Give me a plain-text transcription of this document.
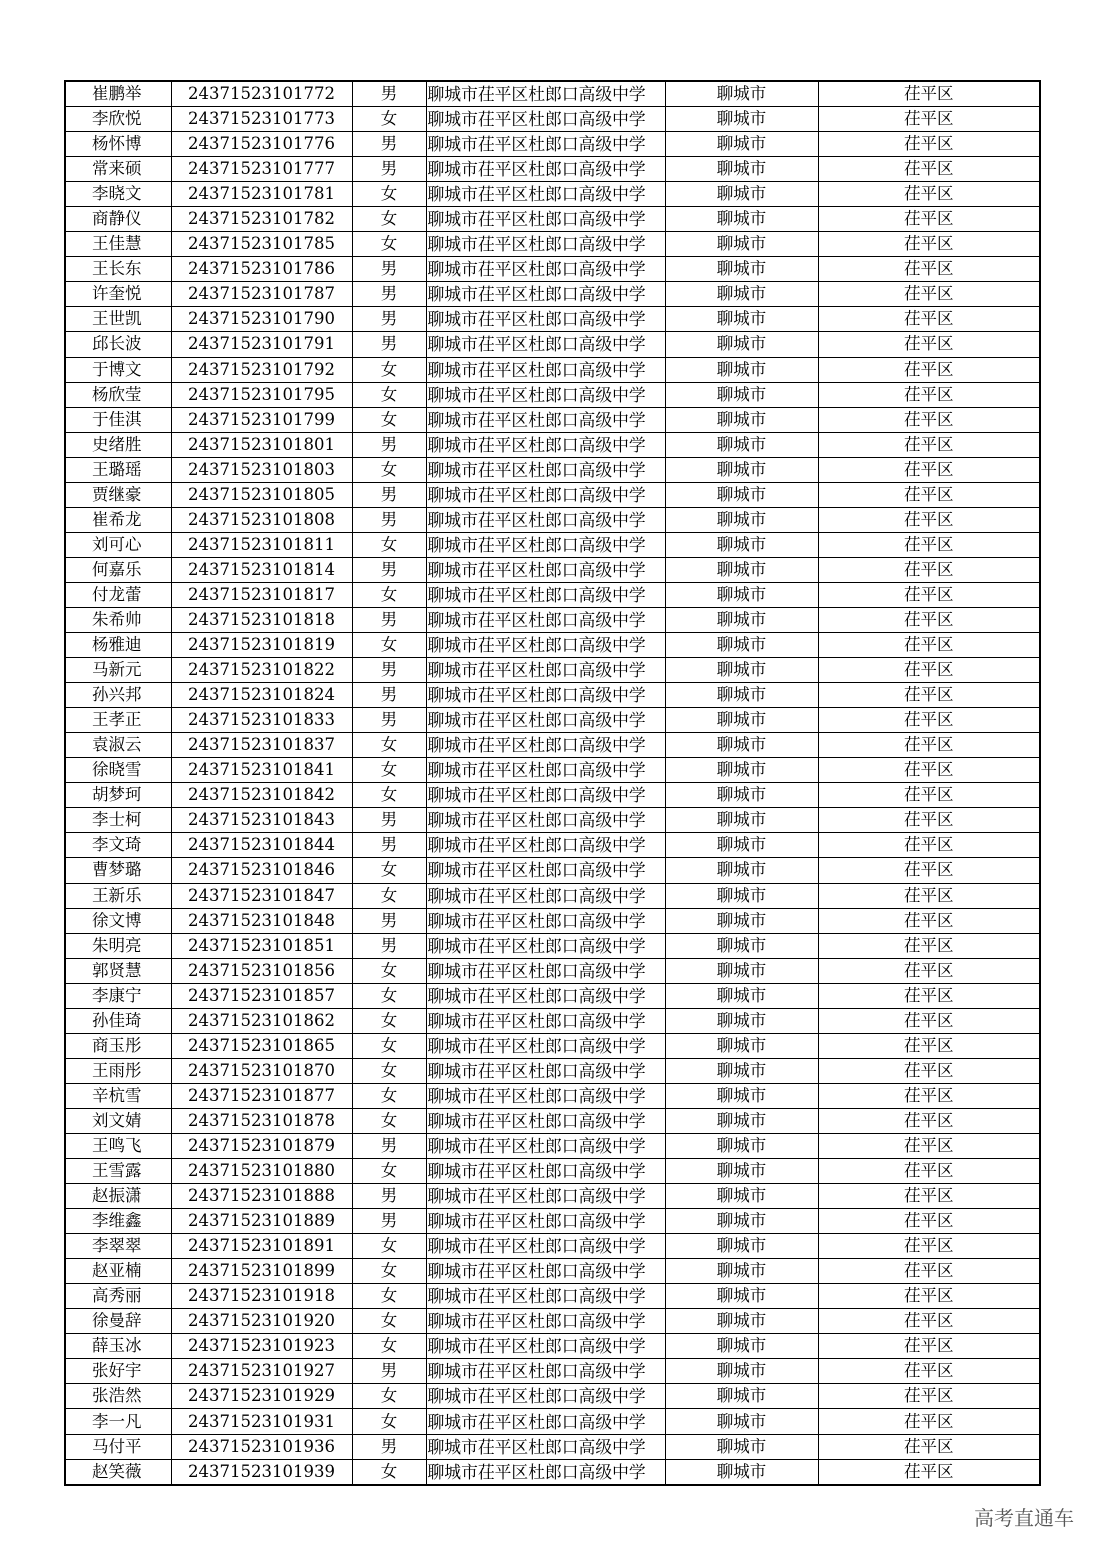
崔鹏举	24371523101772	男	聊城市茌平区杜郎口高级中学	聊城市	茌平区
李欣悦	24371523101773	女	聊城市茌平区杜郎口高级中学	聊城市	茌平区
杨怀博	24371523101776	男	聊城市茌平区杜郎口高级中学	聊城市	茌平区
常来硕	24371523101777	男	聊城市茌平区杜郎口高级中学	聊城市	茌平区
李晓文	24371523101781	女	聊城市茌平区杜郎口高级中学	聊城市	茌平区
商静仪	24371523101782	女	聊城市茌平区杜郎口高级中学	聊城市	茌平区
王佳慧	24371523101785	女	聊城市茌平区杜郎口高级中学	聊城市	茌平区
王长东	24371523101786	男	聊城市茌平区杜郎口高级中学	聊城市	茌平区
许奎悦	24371523101787	男	聊城市茌平区杜郎口高级中学	聊城市	茌平区
王世凯	24371523101790	男	聊城市茌平区杜郎口高级中学	聊城市	茌平区
邱长波	24371523101791	男	聊城市茌平区杜郎口高级中学	聊城市	茌平区
于博文	24371523101792	女	聊城市茌平区杜郎口高级中学	聊城市	茌平区
杨欣莹	24371523101795	女	聊城市茌平区杜郎口高级中学	聊城市	茌平区
于佳淇	24371523101799	女	聊城市茌平区杜郎口高级中学	聊城市	茌平区
史绪胜	24371523101801	男	聊城市茌平区杜郎口高级中学	聊城市	茌平区
王璐瑶	24371523101803	女	聊城市茌平区杜郎口高级中学	聊城市	茌平区
贾继豪	24371523101805	男	聊城市茌平区杜郎口高级中学	聊城市	茌平区
崔希龙	24371523101808	男	聊城市茌平区杜郎口高级中学	聊城市	茌平区
刘可心	24371523101811	女	聊城市茌平区杜郎口高级中学	聊城市	茌平区
何嘉乐	24371523101814	男	聊城市茌平区杜郎口高级中学	聊城市	茌平区
付龙蕾	24371523101817	女	聊城市茌平区杜郎口高级中学	聊城市	茌平区
朱希帅	24371523101818	男	聊城市茌平区杜郎口高级中学	聊城市	茌平区
杨雅迪	24371523101819	女	聊城市茌平区杜郎口高级中学	聊城市	茌平区
马新元	24371523101822	男	聊城市茌平区杜郎口高级中学	聊城市	茌平区
孙兴邦	24371523101824	男	聊城市茌平区杜郎口高级中学	聊城市	茌平区
王孝正	24371523101833	男	聊城市茌平区杜郎口高级中学	聊城市	茌平区
袁淑云	24371523101837	女	聊城市茌平区杜郎口高级中学	聊城市	茌平区
徐晓雪	24371523101841	女	聊城市茌平区杜郎口高级中学	聊城市	茌平区
胡梦珂	24371523101842	女	聊城市茌平区杜郎口高级中学	聊城市	茌平区
李士柯	24371523101843	男	聊城市茌平区杜郎口高级中学	聊城市	茌平区
李文琦	24371523101844	男	聊城市茌平区杜郎口高级中学	聊城市	茌平区
曹梦璐	24371523101846	女	聊城市茌平区杜郎口高级中学	聊城市	茌平区
王新乐	24371523101847	女	聊城市茌平区杜郎口高级中学	聊城市	茌平区
徐文博	24371523101848	男	聊城市茌平区杜郎口高级中学	聊城市	茌平区
朱明亮	24371523101851	男	聊城市茌平区杜郎口高级中学	聊城市	茌平区
郭贤慧	24371523101856	女	聊城市茌平区杜郎口高级中学	聊城市	茌平区
李康宁	24371523101857	女	聊城市茌平区杜郎口高级中学	聊城市	茌平区
孙佳琦	24371523101862	女	聊城市茌平区杜郎口高级中学	聊城市	茌平区
商玉彤	24371523101865	女	聊城市茌平区杜郎口高级中学	聊城市	茌平区
王雨彤	24371523101870	女	聊城市茌平区杜郎口高级中学	聊城市	茌平区
辛杭雪	24371523101877	女	聊城市茌平区杜郎口高级中学	聊城市	茌平区
刘文婧	24371523101878	女	聊城市茌平区杜郎口高级中学	聊城市	茌平区
王鸣飞	24371523101879	男	聊城市茌平区杜郎口高级中学	聊城市	茌平区
王雪露	24371523101880	女	聊城市茌平区杜郎口高级中学	聊城市	茌平区
赵振潇	24371523101888	男	聊城市茌平区杜郎口高级中学	聊城市	茌平区
李维鑫	24371523101889	男	聊城市茌平区杜郎口高级中学	聊城市	茌平区
李翠翠	24371523101891	女	聊城市茌平区杜郎口高级中学	聊城市	茌平区
赵亚楠	24371523101899	女	聊城市茌平区杜郎口高级中学	聊城市	茌平区
高秀丽	24371523101918	女	聊城市茌平区杜郎口高级中学	聊城市	茌平区
徐曼辞	24371523101920	女	聊城市茌平区杜郎口高级中学	聊城市	茌平区
薛玉冰	24371523101923	女	聊城市茌平区杜郎口高级中学	聊城市	茌平区
张好宇	24371523101927	男	聊城市茌平区杜郎口高级中学	聊城市	茌平区
张浩然	24371523101929	女	聊城市茌平区杜郎口高级中学	聊城市	茌平区
李一凡	24371523101931	女	聊城市茌平区杜郎口高级中学	聊城市	茌平区
马付平	24371523101936	男	聊城市茌平区杜郎口高级中学	聊城市	茌平区
赵笑薇	24371523101939	女	聊城市茌平区杜郎口高级中学	聊城市	茌平区
高考直通车
